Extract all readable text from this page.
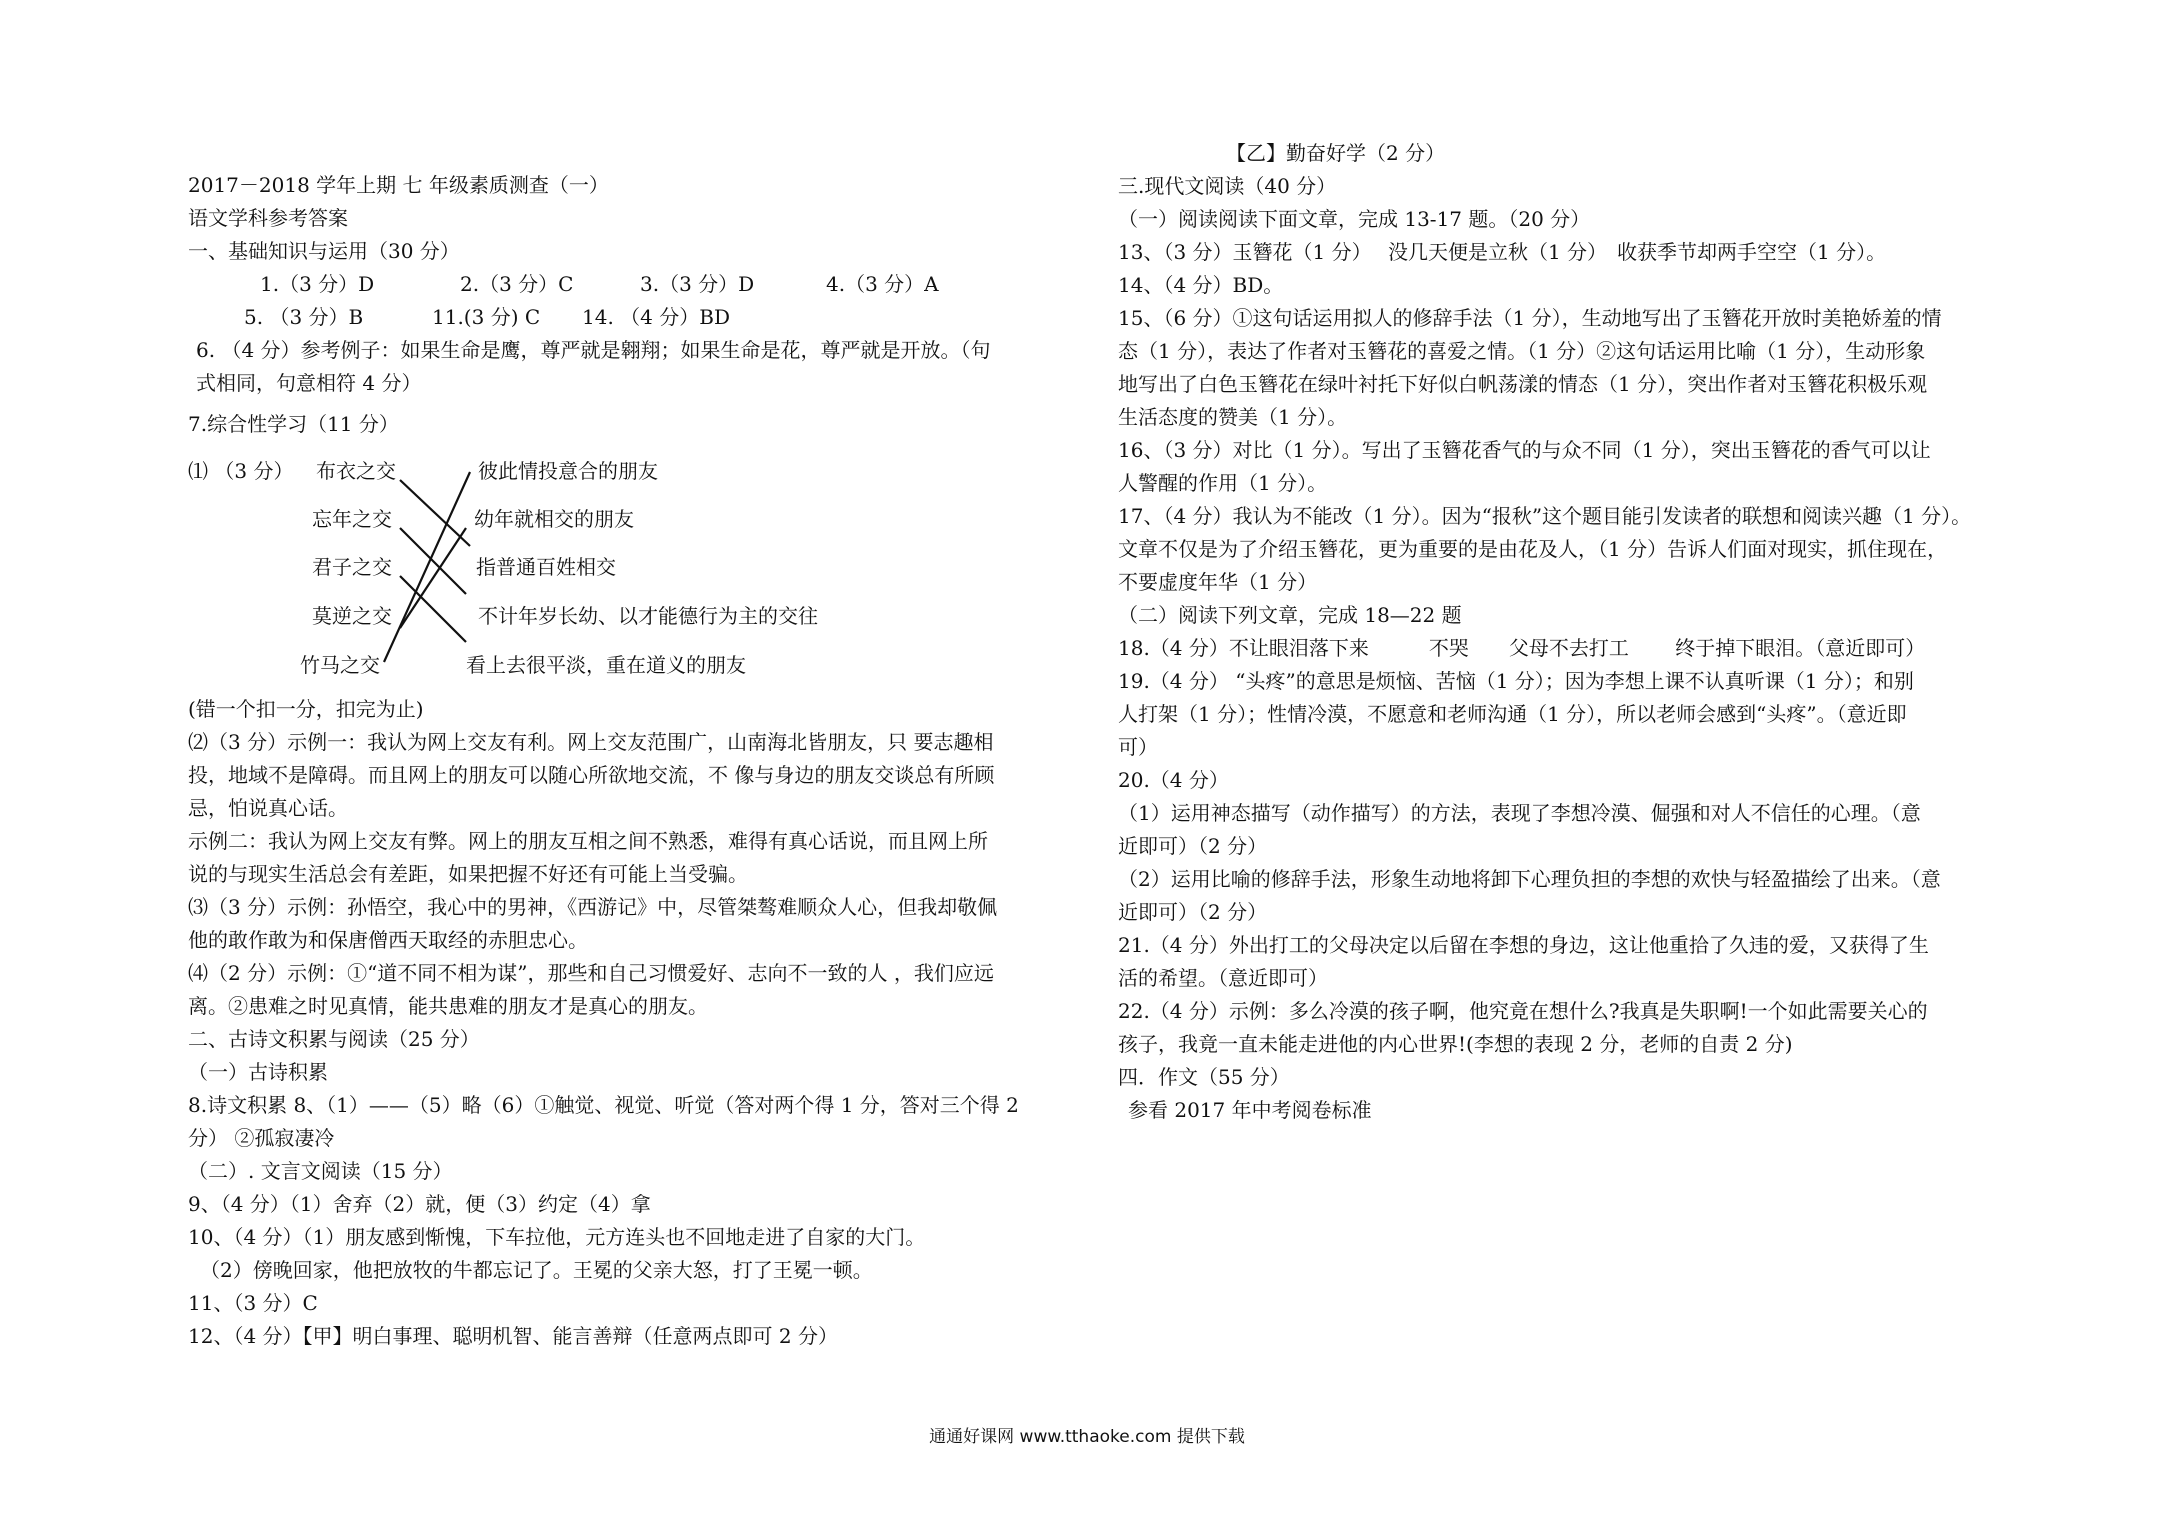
2017－2018 学年上期 七 年级素质测查（一）
语文学科参考答案
一、基础知识与运用（30 分）
1.（3 分）D	2.（3 分）C	3.（3 分）D	4.（3 分）A
5. （3 分）B	11.(3 分) C 14. （4 分）BD
6. （4 分）参考例子：如果生命是鹰，尊严就是翱翔；如果生命是花，尊严就是开放。（句
式相同，句意相符 4 分）
7.综合性学习（11 分）
⑴ （3 分） 布衣之交
忘年之交
君子之交
莫逆之交
竹马之交
彼此情投意合的朋友
幼年就相交的朋友
指普通百姓相交
不计年岁长幼、以才能德行为主的交往
看上去很平淡，重在道义的朋友
(错一个扣一分，扣完为止)
⑵（3 分）示例一：我认为网上交友有利。网上交友范围广，山南海北皆朋友，只 要志趣相
投，地域不是障碍。而且网上的朋友可以随心所欲地交流，不 像与身边的朋友交谈总有所顾
忌，怕说真心话。
示例二：我认为网上交友有弊。网上的朋友互相之间不熟悉，难得有真心话说，而且网上所
说的与现实生活总会有差距，如果把握不好还有可能上当受骗。
⑶（3 分）示例：孙悟空，我心中的男神，《西游记》中，尽管桀骜难顺众人心，但我却敬佩
他的敢作敢为和保唐僧西天取经的赤胆忠心。
⑷（2 分）示例：①“道不同不相为谋”，那些和自己习惯爱好、志向不一致的人 ，我们应远
离。②患难之时见真情，能共患难的朋友才是真心的朋友。
二、古诗文积累与阅读（25 分）
（一）古诗积累
8.诗文积累 8、（1）——（5）略（6）①触觉、视觉、听觉（答对两个得 1 分，答对三个得 2
分） ②孤寂凄冷
（二）. 文言文阅读（15 分）
9、（4 分）（1）舍弃（2）就，便（3）约定（4）拿
10、（4 分）（1）朋友感到惭愧，下车拉他，元方连头也不回地走进了自家的大门。
（2）傍晚回家，他把放牧的牛都忘记了。王冕的父亲大怒，打了王冕一顿。
11、（3 分）C
12、（4 分）【甲】明白事理、聪明机智、能言善辩（任意两点即可 2 分）
【乙】勤奋好学（2 分）
三.现代文阅读（40 分）
（一）阅读阅读下面文章，完成 13-17 题。（20 分）
13、（3 分）玉簪花（1 分）　 没几天便是立秋（1 分）　收获季节却两手空空（1 分）。
14、（4 分）BD。
15、（6 分）①这句话运用拟人的修辞手法（1 分），生动地写出了玉簪花开放时美艳娇羞的情
态（1 分），表达了作者对玉簪花的喜爱之情。（1 分）②这句话运用比喻（1 分），生动形象
地写出了白色玉簪花在绿叶衬托下好似白帆荡漾的情态（1 分），突出作者对玉簪花积极乐观
生活态度的赞美（1 分）。
16、（3 分）对比（1 分）。写出了玉簪花香气的与众不同（1 分），突出玉簪花的香气可以让
人警醒的作用（1 分）。
17、（4 分）我认为不能改（1 分）。因为“报秋”这个题目能引发读者的联想和阅读兴趣（1 分）。
文章不仅是为了介绍玉簪花，更为重要的是由花及人，（1 分）告诉人们面对现实，抓住现在，
不要虚度年华（1 分）
（二）阅读下列文章，完成 18—22 题
18.（4 分）不让眼泪落下来　　　不哭　　父母不去打工　　 终于掉下眼泪。（意近即可）
19.（4 分） “头疼”的意思是烦恼、苦恼（1 分）；因为李想上课不认真听课（1 分）；和别
人打架（1 分）；性情冷漠，不愿意和老师沟通（1 分），所以老师会感到“头疼”。（意近即
可）
20.（4 分）
（1）运用神态描写（动作描写）的方法，表现了李想冷漠、倔强和对人不信任的心理。（意
近即可）（2 分）
（2）运用比喻的修辞手法，形象生动地将卸下心理负担的李想的欢快与轻盈描绘了出来。（意
近即可）（2 分）
21.（4 分）外出打工的父母决定以后留在李想的身边，这让他重拾了久违的爱，又获得了生
活的希望。（意近即可）
22.（4 分）示例：多么冷漠的孩子啊，他究竟在想什么?我真是失职啊!一个如此需要关心的
孩子，我竟一直未能走进他的内心世界!(李想的表现 2 分，老师的自责 2 分)
四．作文（55 分）
参看 2017 年中考阅卷标准
通通好课网 www.tthaoke.com 提供下载
